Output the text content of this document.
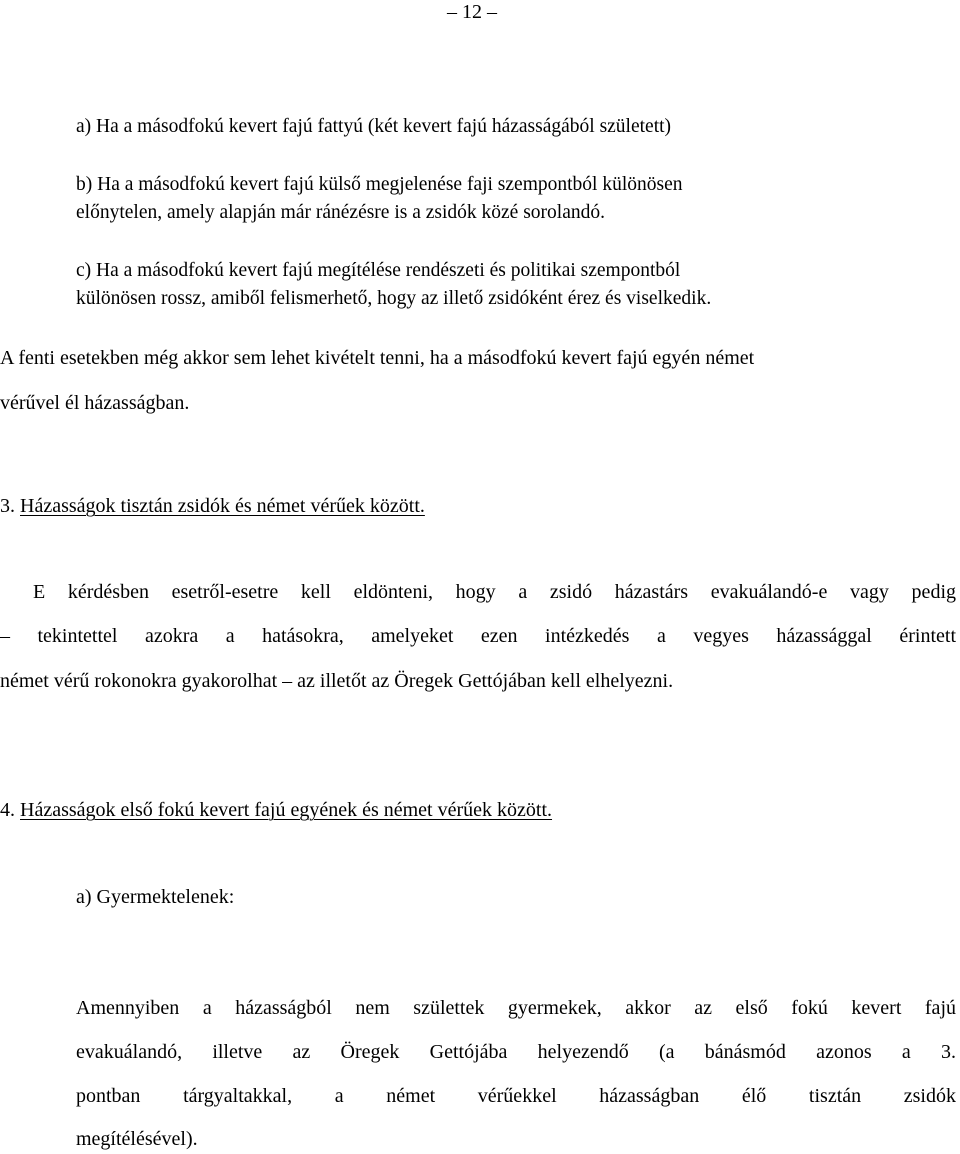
– 12 –
a) Ha a másodfokú kevert fajú fattyú (két kevert fajú házasságából született)
b) Ha a másodfokú kevert fajú külső megjelenése faji szempontból különösen
előnytelen, amely alapján már ránézésre is a zsidók közé sorolandó.
c) Ha a másodfokú kevert fajú megítélése rendészeti és politikai szempontból
különösen rossz, amiből felismerhető, hogy az illető zsidóként érez és viselkedik.
A fenti esetekben még akkor sem lehet kivételt tenni, ha a másodfokú kevert fajú egyén német
vérűvel él házasságban.
3. Házasságok tisztán zsidók és német vérűek között.
E kérdésben esetről-esetre kell eldönteni, hogy a zsidó házastárs evakuálandó-e vagy pedig
– tekintettel azokra a hatásokra, amelyeket ezen intézkedés a vegyes házassággal érintett
német vérű rokonokra gyakorolhat – az illetőt az Öregek Gettójában kell elhelyezni.
4. Házasságok első fokú kevert fajú egyének és német vérűek között.
a) Gyermektelenek:
Amennyiben a házasságból nem születtek gyermekek, akkor az első fokú kevert fajú
evakuálandó, illetve az Öregek Gettójába helyezendő (a bánásmód azonos a 3.
pontban tárgyaltakkal, a német vérűekkel házasságban élő tisztán zsidók
megítélésével).
